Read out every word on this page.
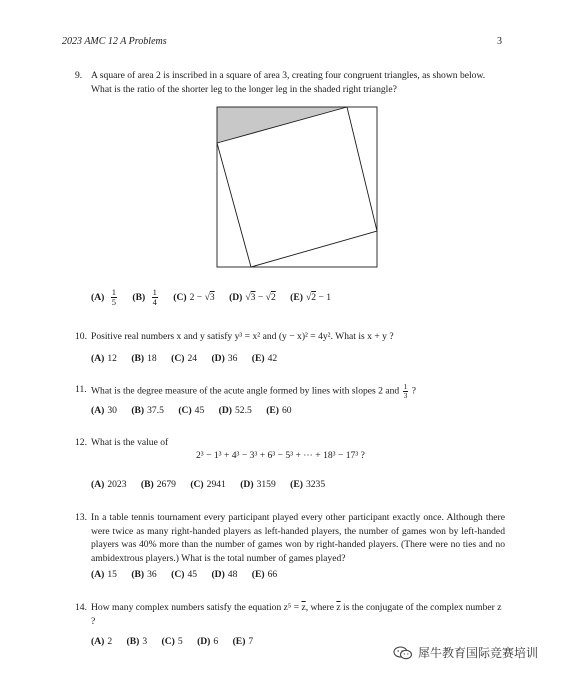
2023 AMC 12 A Problems	3
9. A square of area 2 is inscribed in a square of area 3, creating four congruent triangles, as shown below. What is the ratio of the shorter leg to the longer leg in the shaded right triangle?
$(A) \frac{1}{5} (B) \frac{1}{4} (C) 2 - √3$ (D) √3 − √2 (E) √2 − 1
10. Positive real numbers x and y satisfy y³ = x² and (y − x)² = 4y². What is x + y ?
(A) 12 (B) 18 (C) 24 (D) 36 (E) 42
11. What is the degree measure of the acute angle formed by lines with slopes 2 and $\frac{1}{3}$ ?
(A) 30 (B) 37.5 (C) 45 (D) 52.5 (E) 60
12. What is the value of
2³ − 1³ + 4³ − 3³ + 6³ − 5³ + ⋯ + 18³ − 17³ ?
(A) 2023 (B) 2679 (C) 2941 (D) 3159 (E) 3235
13. In a table tennis tournament every participant played every other participant exactly once. Although there were twice as many right-handed players as left-handed players, the number of games won by left-handed players was 40% more than the number of games won by right-handed players. (There were no ties and no ambidextrous players.) What is the total number of games played?
(A) 15 (B) 36 (C) 45 (D) 48 (E) 66
14. How many complex numbers satisfy the equation $z^5 = \overline{z}$, where $\overline{z}$ is the conjugate of the complex number z ?
(A) 2 (B) 3 (C) 5 (D) 6 (E) 7
犀牛教育国际竞赛培训
